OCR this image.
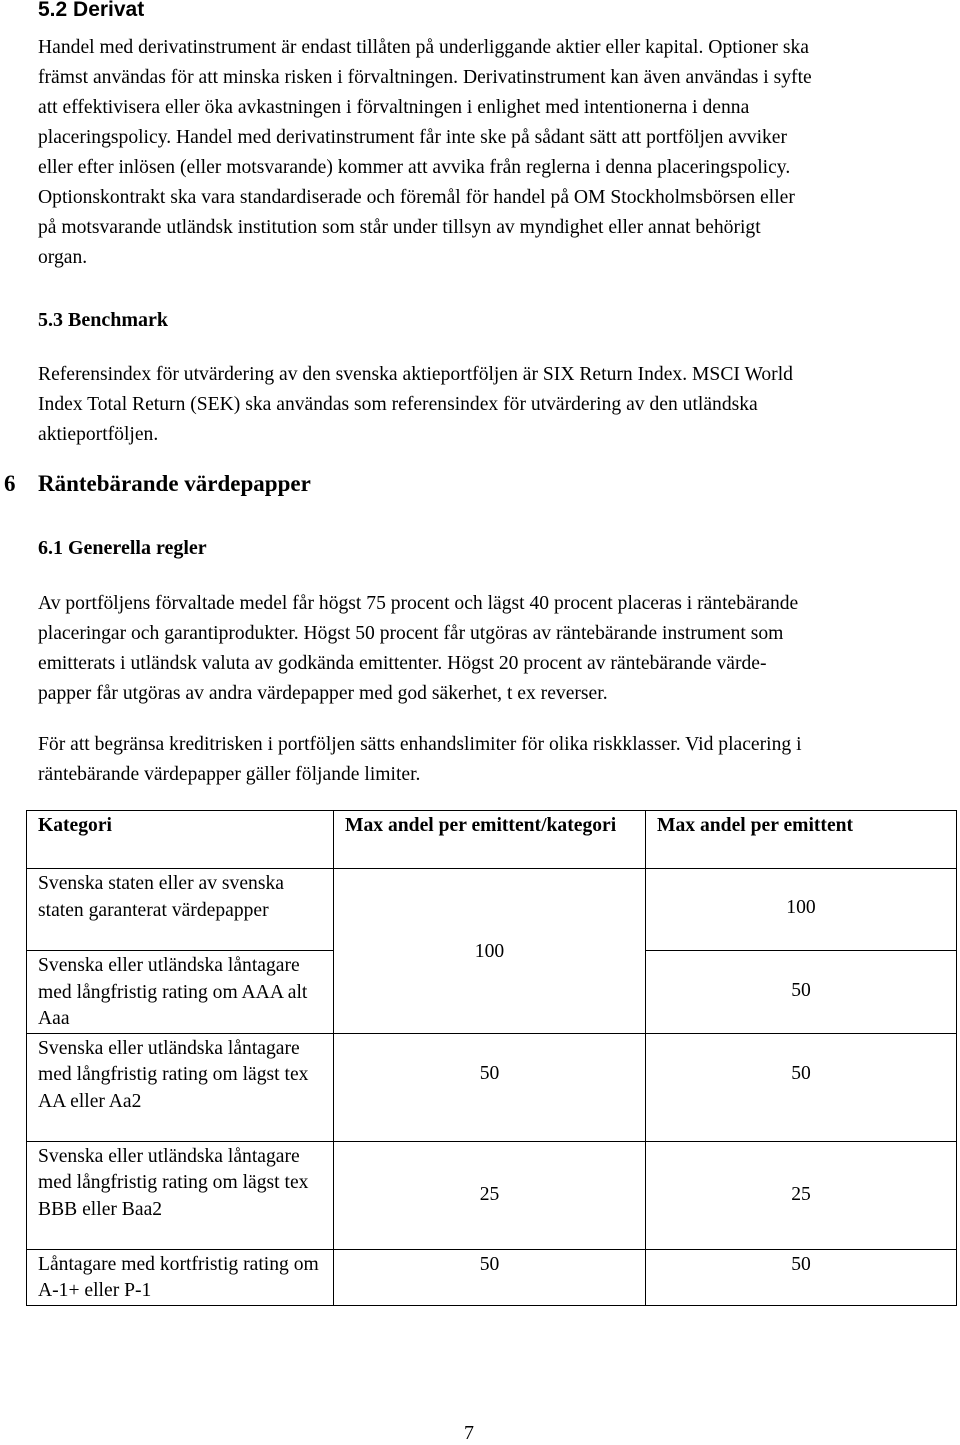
5.2 Derivat
Handel med derivatinstrument är endast tillåten på underliggande aktier eller kapital. Optioner ska
främst användas för att minska risken i förvaltningen. Derivatinstrument kan även användas i syfte
att effektivisera eller öka avkastningen i förvaltningen i enlighet med intentionerna i denna
placeringspolicy. Handel med derivatinstrument får inte ske på sådant sätt att portföljen avviker
eller efter inlösen (eller motsvarande) kommer att avvika från reglerna i denna placeringspolicy.
Optionskontrakt ska vara standardiserade och föremål för handel på OM Stockholmsbörsen eller
på motsvarande utländsk institution som står under tillsyn av myndighet eller annat behörigt
organ.
5.3 Benchmark
Referensindex för utvärdering av den svenska aktieportföljen är SIX Return Index. MSCI World
Index Total Return (SEK) ska användas som referensindex för utvärdering av den utländska
aktieportföljen.
6 Räntebärande värdepapper
6.1 Generella regler
Av portföljens förvaltade medel får högst 75 procent och lägst 40 procent placeras i räntebärande
placeringar och garantiprodukter. Högst 50 procent får utgöras av räntebärande instrument som
emitterats i utländsk valuta av godkända emittenter. Högst 20 procent av räntebärande värde-
papper får utgöras av andra värdepapper med god säkerhet, t ex reverser.
För att begränsa kreditrisken i portföljen sätts enhandslimiter för olika riskklasser. Vid placering i
räntebärande värdepapper gäller följande limiter.
Kategori	Max andel per emittent/kategori	Max andel per emittent
Svenska staten eller av svenska staten garanterat värdepapper	100	100
Svenska eller utländska låntagare med långfristig rating om AAA alt Aaa		50
Svenska eller utländska låntagare med långfristig rating om lägst tex AA eller Aa2	50	50
Svenska eller utländska låntagare med långfristig rating om lägst tex BBB eller Baa2	25	25
Låntagare med kortfristig rating om A-1+ eller P-1	50	50
7
